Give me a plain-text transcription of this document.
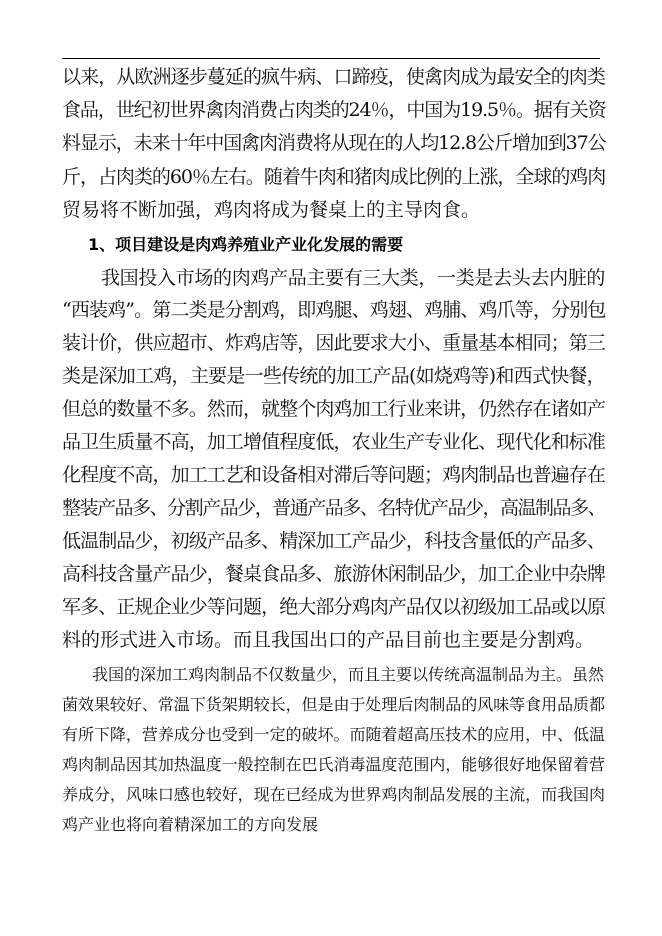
以来，从欧洲逐步蔓延的疯牛病、口蹄疫，使禽肉成为最安全的肉类
食品，世纪初世界禽肉消费占肉类的24％，中国为19.5％。据有关资
料显示，未来十年中国禽肉消费将从现在的人均12.8公斤增加到37公
斤，占肉类的60％左右。随着牛肉和猪肉成比例的上涨，全球的鸡肉
贸易将不断加强，鸡肉将成为餐桌上的主导肉食。
1、项目建设是肉鸡养殖业产业化发展的需要
我国投入市场的肉鸡产品主要有三大类，一类是去头去内脏的
“西装鸡”。第二类是分割鸡，即鸡腿、鸡翅、鸡脯、鸡爪等，分别包
装计价，供应超市、炸鸡店等，因此要求大小、重量基本相同；第三
类是深加工鸡，主要是一些传统的加工产品(如烧鸡等)和西式快餐，
但总的数量不多。然而，就整个肉鸡加工行业来讲，仍然存在诸如产
品卫生质量不高，加工增值程度低，农业生产专业化、现代化和标准
化程度不高，加工工艺和设备相对滞后等问题；鸡肉制品也普遍存在
整装产品多、分割产品少，普通产品多、名特优产品少，高温制品多、
低温制品少，初级产品多、精深加工产品少，科技含量低的产品多、
高科技含量产品少，餐桌食品多、旅游休闲制品少，加工企业中杂牌
军多、正规企业少等问题，绝大部分鸡肉产品仅以初级加工品或以原
料的形式进入市场。而且我国出口的产品目前也主要是分割鸡。
我国的深加工鸡肉制品不仅数量少，而且主要以传统高温制品为主。虽然
菌效果较好、常温下货架期较长，但是由于处理后肉制品的风味等食用品质都
有所下降，营养成分也受到一定的破坏。而随着超高压技术的应用，中、低温
鸡肉制品因其加热温度一般控制在巴氏消毒温度范围内，能够很好地保留着营
养成分，风味口感也较好，现在已经成为世界鸡肉制品发展的主流，而我国肉
鸡产业也将向着精深加工的方向发展
